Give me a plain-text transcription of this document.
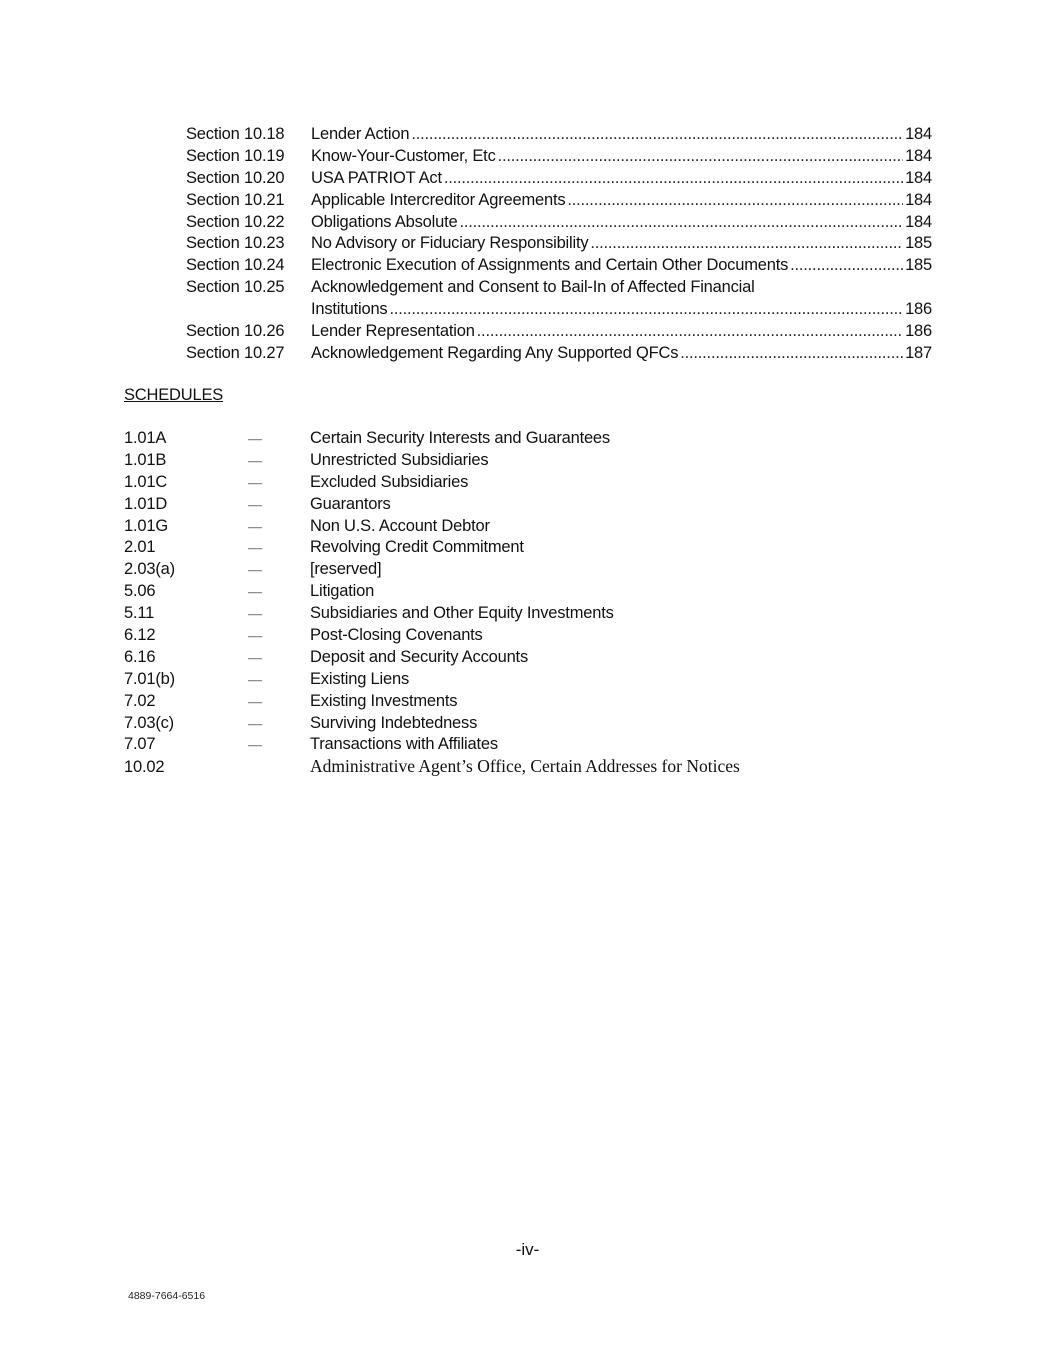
Section 10.18	Lender Action .....	184
Section 10.19	Know-Your-Customer, Etc .....	184
Section 10.20	USA PATRIOT Act .....	184
Section 10.21	Applicable Intercreditor Agreements .....	184
Section 10.22	Obligations Absolute .....	184
Section 10.23	No Advisory or Fiduciary Responsibility .....	185
Section 10.24	Electronic Execution of Assignments and Certain Other Documents .....	185
Section 10.25	Acknowledgement and Consent to Bail-In of Affected Financial
Institutions .....	186
Section 10.26	Lender Representation .....	186
Section 10.27	Acknowledgement Regarding Any Supported QFCs .....	187
SCHEDULES
1.01A	—	Certain Security Interests and Guarantees
1.01B	—	Unrestricted Subsidiaries
1.01C	—	Excluded Subsidiaries
1.01D	—	Guarantors
1.01G	—	Non U.S. Account Debtor
2.01	—	Revolving Credit Commitment
2.03(a)	—	[reserved]
5.06	—	Litigation
5.11	—	Subsidiaries and Other Equity Investments
6.12	—	Post-Closing Covenants
6.16	—	Deposit and Security Accounts
7.01(b)	—	Existing Liens
7.02	—	Existing Investments
7.03(c)	—	Surviving Indebtedness
7.07	—	Transactions with Affiliates
10.02	Administrative Agent’s Office, Certain Addresses for Notices
-iv-
4889-7664-6516
